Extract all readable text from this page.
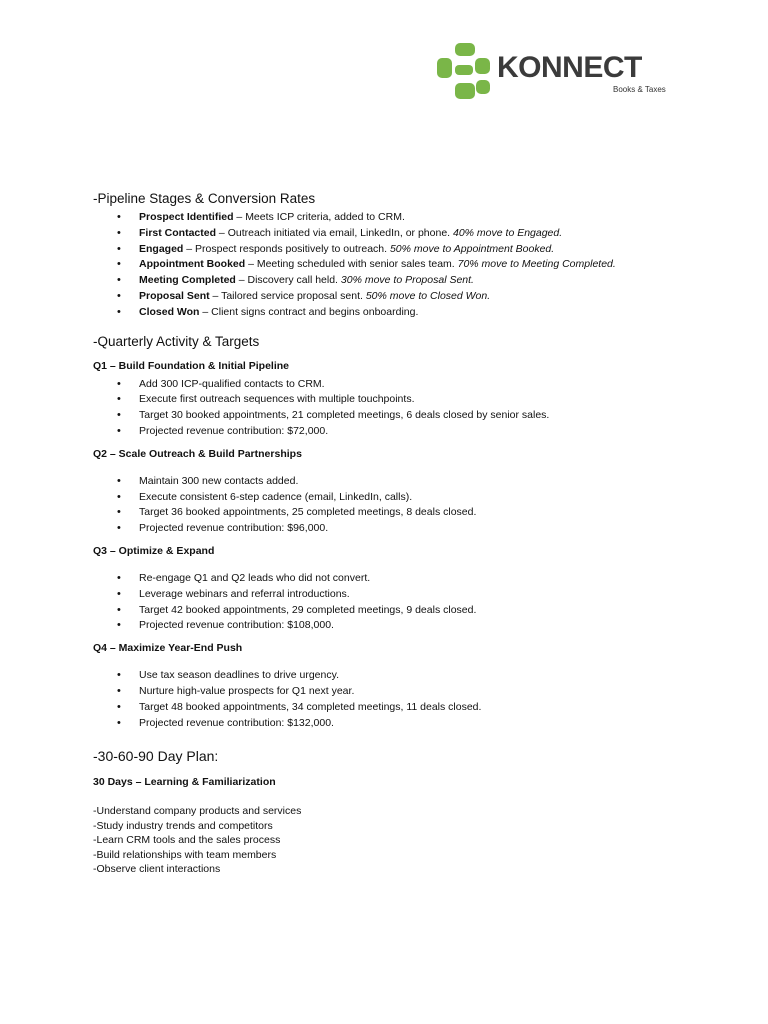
KONNECT
Books & Taxes
-Pipeline Stages & Conversion Rates
• Prospect Identified – Meets ICP criteria, added to CRM.
• First Contacted – Outreach initiated via email, LinkedIn, or phone. 40% move to Engaged.
• Engaged – Prospect responds positively to outreach. 50% move to Appointment Booked.
• Appointment Booked – Meeting scheduled with senior sales team. 70% move to Meeting Completed.
• Meeting Completed – Discovery call held. 30% move to Proposal Sent.
• Proposal Sent – Tailored service proposal sent. 50% move to Closed Won.
• Closed Won – Client signs contract and begins onboarding.
-Quarterly Activity & Targets
Q1 – Build Foundation & Initial Pipeline
• Add 300 ICP-qualified contacts to CRM.
• Execute first outreach sequences with multiple touchpoints.
• Target 30 booked appointments, 21 completed meetings, 6 deals closed by senior sales.
• Projected revenue contribution: $72,000.
Q2 – Scale Outreach & Build Partnerships
• Maintain 300 new contacts added.
• Execute consistent 6-step cadence (email, LinkedIn, calls).
• Target 36 booked appointments, 25 completed meetings, 8 deals closed.
• Projected revenue contribution: $96,000.
Q3 – Optimize & Expand
• Re-engage Q1 and Q2 leads who did not convert.
• Leverage webinars and referral introductions.
• Target 42 booked appointments, 29 completed meetings, 9 deals closed.
• Projected revenue contribution: $108,000.
Q4 – Maximize Year-End Push
• Use tax season deadlines to drive urgency.
• Nurture high-value prospects for Q1 next year.
• Target 48 booked appointments, 34 completed meetings, 11 deals closed.
• Projected revenue contribution: $132,000.
-30-60-90 Day Plan:
30 Days – Learning & Familiarization
-Understand company products and services
-Study industry trends and competitors
-Learn CRM tools and the sales process
-Build relationships with team members
-Observe client interactions
